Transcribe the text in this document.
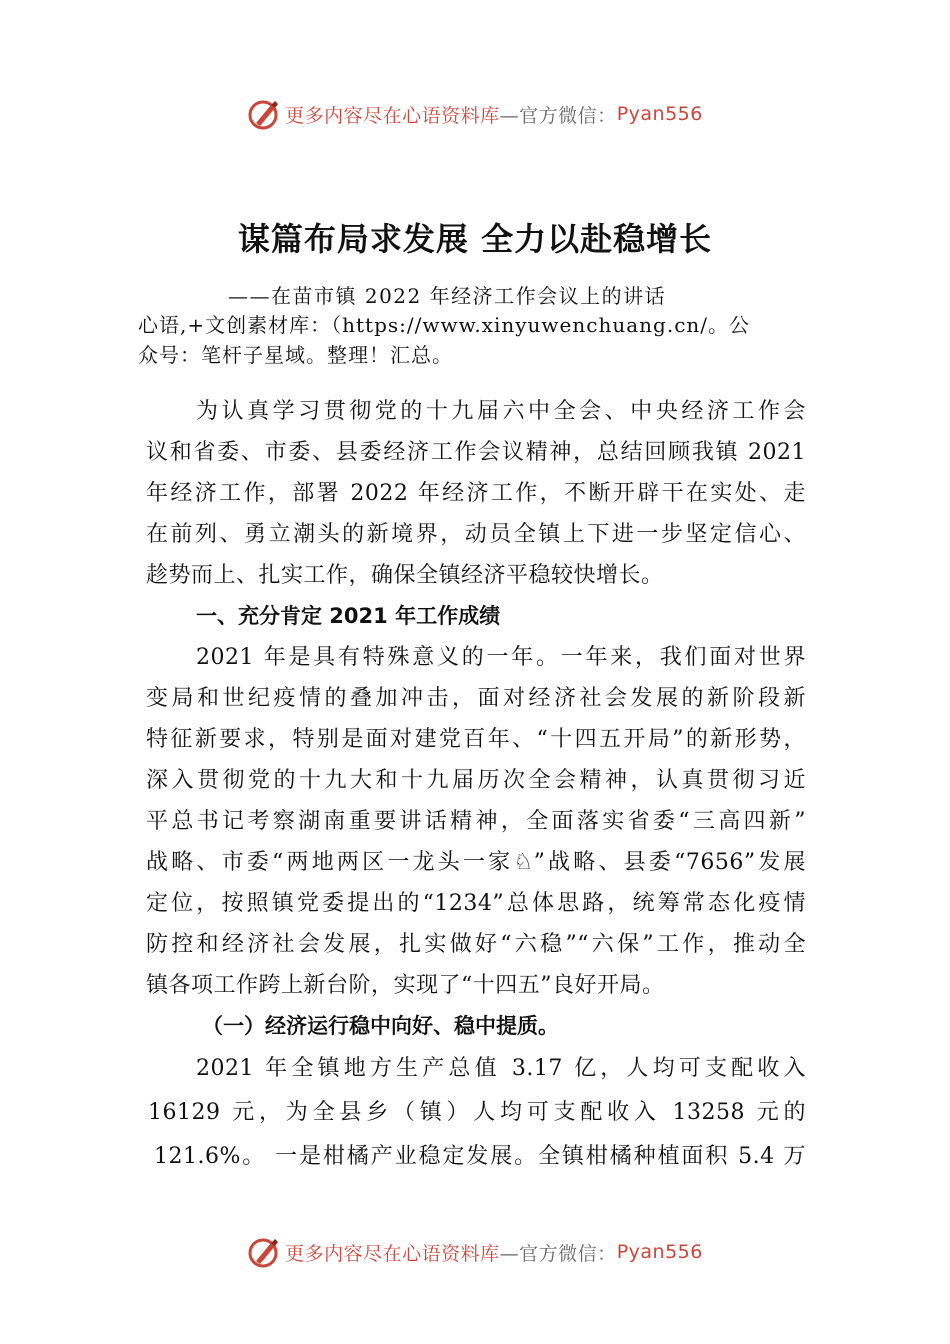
更多内容尽在心语资料库 —官方微信： Pyan556
谋篇布局求发展 全力以赴稳增长
——在苗市镇 2022 年经济工作会议上的讲话
心语,+文创素材库：（https://www.xinyuwenchuang.cn/。公
众号：笔杆子星域。整理！汇总。
为认真学习贯彻党的十九届六中全会、中央经济工作会
议和省委、市委、县委经济工作会议精神，总结回顾我镇 2021
年经济工作，部署 2022 年经济工作，不断开辟干在实处、走
在前列、勇立潮头的新境界，动员全镇上下进一步坚定信心、
趁势而上、扎实工作，确保全镇经济平稳较快增长。
一、充分肯定 2021 年工作成绩
2021 年是具有特殊意义的一年。一年来，我们面对世界
变局和世纪疫情的叠加冲击，面对经济社会发展的新阶段新
特征新要求，特别是面对建党百年、“十四五开局”的新形势，
深入贯彻党的十九大和十九届历次全会精神，认真贯彻习近
平总书记考察湖南重要讲话精神，全面落实省委“三高四新”
战略、市委“两地两区一龙头一家♘”战略、县委“7656”发展
定位，按照镇党委提出的“1234”总体思路，统筹常态化疫情
防控和经济社会发展，扎实做好“六稳”“六保”工作，推动全
镇各项工作跨上新台阶，实现了“十四五”良好开局。
（一）经济运行稳中向好、稳中提质。
2021 年全镇地方生产总值 3.17 亿，人均可支配收入
16129 元，为全县乡（镇）人均可支配收入 13258 元的
121.6%。 一是柑橘产业稳定发展。全镇柑橘种植面积 5.4 万
更多内容尽在心语资料库 —官方微信： Pyan556
